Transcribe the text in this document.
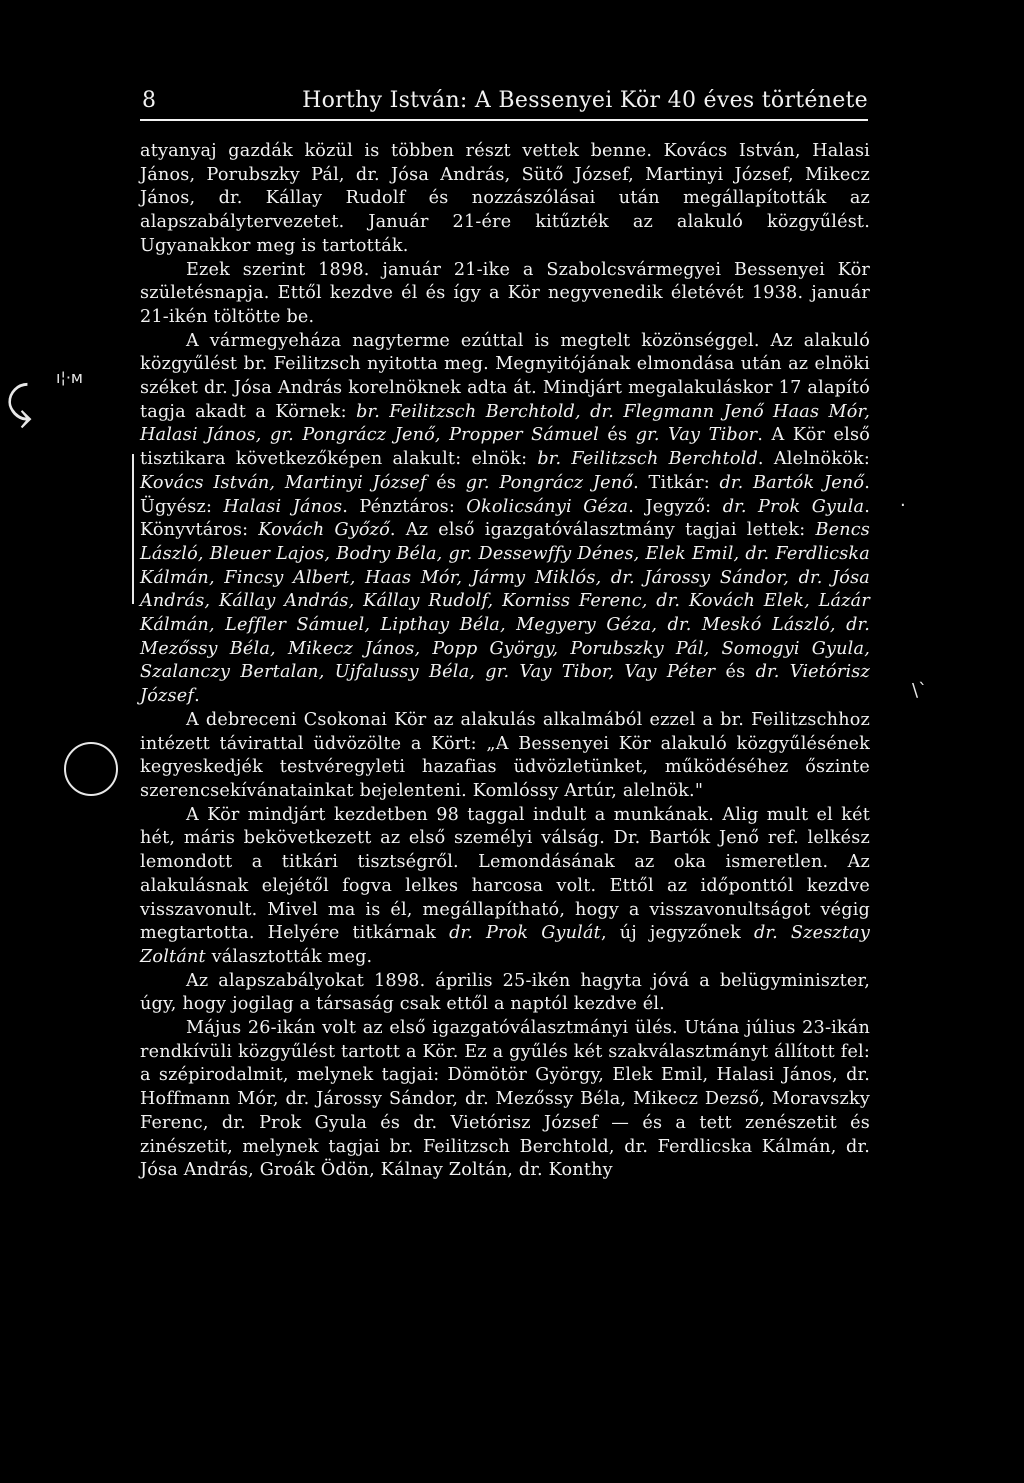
8	Horthy István: A Bessenyei Kör 40 éves története

atyanyaj gazdák közül is többen részt vettek benne. Kovács István, Halasi János, Porubszky Pál, dr. Jósa András, Sütő József, Martinyi József, Mikecz János, dr. Kállay Rudolf és nozzászólásai után megállapították az alapszabálytervezetet. Január 21-ére kitűzték az alakuló közgyűlést. Ugyanakkor meg is tartották.

Ezek szerint 1898. január 21-ike a Szabolcsvármegyei Bessenyei Kör születésnapja. Ettől kezdve él és így a Kör negyvenedik életévét 1938. január 21-ikén töltötte be.

A vármegyeháza nagyterme ezúttal is megtelt közönséggel. Az alakuló közgyűlést br. Feilitzsch nyitotta meg. Megnyitójának elmondása után az elnöki széket dr. Jósa András korelnöknek adta át. Mindjárt megalakuláskor 17 alapító tagja akadt a Körnek: br. Feilitzsch Berchtold, dr. Flegmann Jenő Haas Mór, Halasi János, gr. Pongrácz Jenő, Propper Sámuel és gr. Vay Tibor. A Kör első tisztikara következőképen alakult: elnök: br. Feilitzsch Berchtold. Alelnökök: Kovács István, Martinyi József és gr. Pongrácz Jenő. Titkár: dr. Bartók Jenő. Ügyész: Halasi János. Pénztáros: Okolicsányi Géza. Jegyző: dr. Prok Gyula. Könyvtáros: Kovách Győző. Az első igazgatóválasztmány tagjai lettek: Bencs László, Bleuer Lajos, Bodry Béla, gr. Dessewffy Dénes, Elek Emil, dr. Ferdlicska Kálmán, Fincsy Albert, Haas Mór, Jármy Miklós, dr. Járossy Sándor, dr. Jósa András, Kállay András, Kállay Rudolf, Korniss Ferenc, dr. Kovách Elek, Lázár Kálmán, Leffler Sámuel, Lipthay Béla, Megyery Géza, dr. Meskó László, dr. Mezőssy Béla, Mikecz János, Popp György, Porubszky Pál, Somogyi Gyula, Szalanczy Bertalan, Ujfalussy Béla, gr. Vay Tibor, Vay Péter és dr. Vietórisz József.

A debreceni Csokonai Kör az alakulás alkalmából ezzel a br. Feilitzschhoz intézett távirattal üdvözölte a Kört: „A Bessenyei Kör alakuló közgyűlésének kegyeskedjék testvéregyleti hazafias üdvözletünket, működéséhez őszinte szerencsekívánatainkat bejelenteni. Komlóssy Artúr, alelnök."

A Kör mindjárt kezdetben 98 taggal indult a munkának. Alig mult el két hét, máris bekövetkezett az első személyi válság. Dr. Bartók Jenő ref. lelkész lemondott a titkári tisztségről. Lemondásának az oka ismeretlen. Az alakulásnak elejétől fogva lelkes harcosa volt. Ettől az időponttól kezdve visszavonult. Mivel ma is él, megállapítható, hogy a visszavonultságot végig megtartotta. Helyére titkárnak dr. Prok Gyulát, új jegyzőnek dr. Szesztay Zoltánt választották meg.

Az alapszabályokat 1898. április 25-ikén hagyta jóvá a belügyminiszter, úgy, hogy jogilag a társaság csak ettől a naptól kezdve él.

Május 26-ikán volt az első igazgatóválasztmányi ülés. Utána július 23-ikán rendkívüli közgyűlést tartott a Kör. Ez a gyűlés két szakválasztmányt állított fel: a szépirodalmit, melynek tagjai: Dömötör György, Elek Emil, Halasi János, dr. Hoffmann Mór, dr. Járossy Sándor, dr. Mezőssy Béla, Mikecz Dezső, Moravszky Ferenc, dr. Prok Gyula és dr. Vietórisz József — és a tett zenészetit és zinészetit, melynek tagjai br. Feilitzsch Berchtold, dr. Ferdlicska Kálmán, dr. Jósa András, Groák Ödön, Kálnay Zoltán, dr. Konthy

ı¦·ᴍ
⤹
.
\`
